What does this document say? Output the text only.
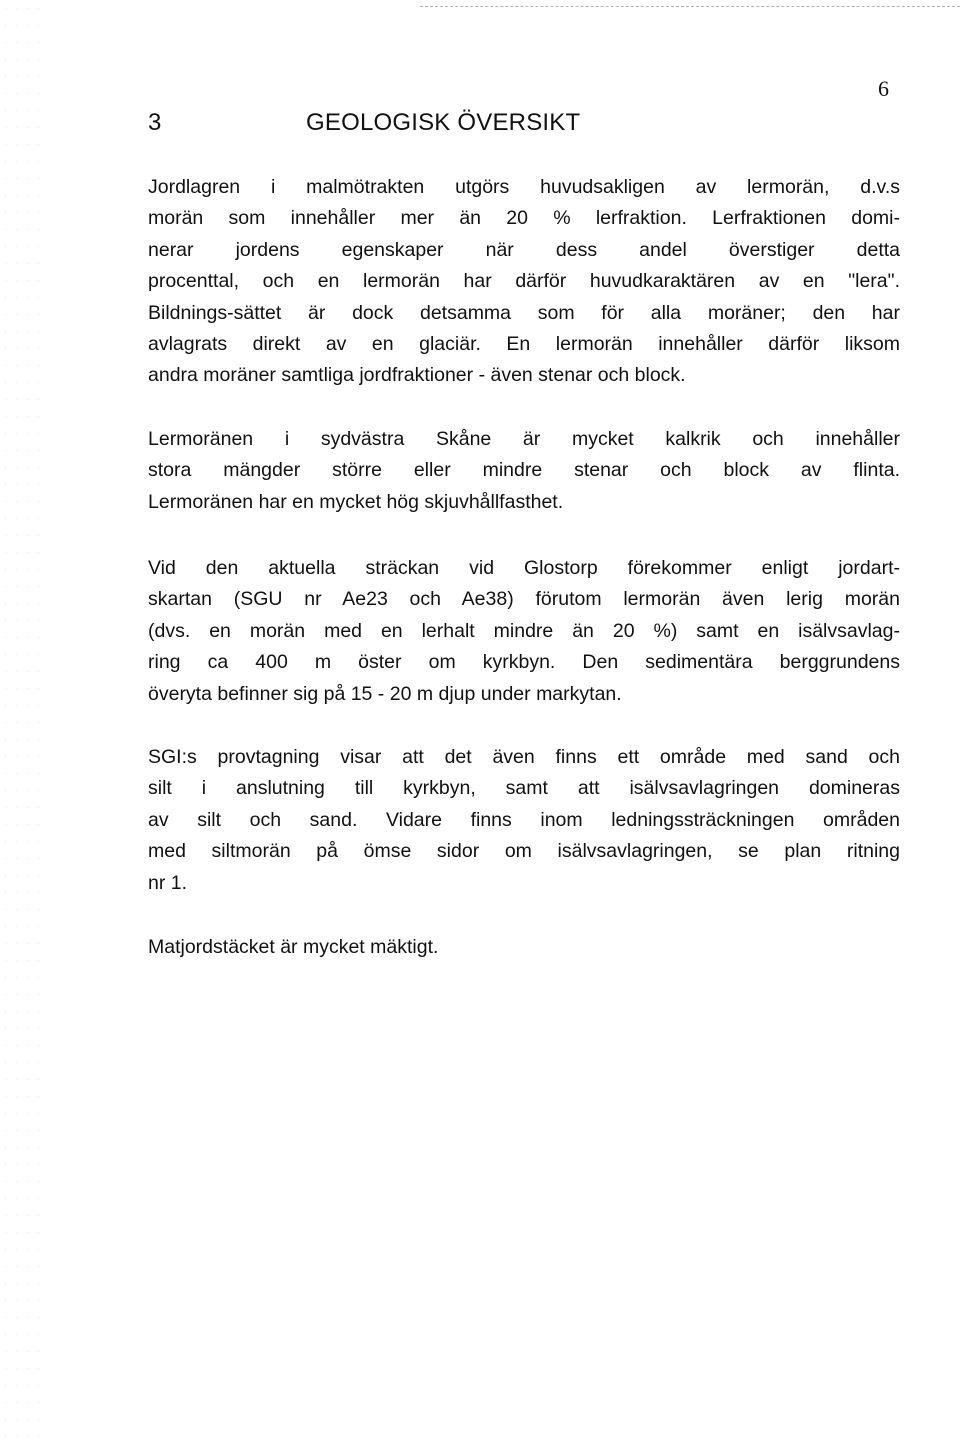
6
3	GEOLOGISK ÖVERSIKT
Jordlagren i malmötrakten utgörs huvudsakligen av lermorän, d.v.s
morän som innehåller mer än 20 % lerfraktion. Lerfraktionen domi-
nerar jordens egenskaper när dess andel överstiger detta
procenttal, och en lermorän har därför huvudkaraktären av en "lera".
Bildnings-sättet är dock detsamma som för alla moräner; den har
avlagrats direkt av en glaciär. En lermorän innehåller därför liksom
andra moräner samtliga jordfraktioner - även stenar och block.
Lermoränen i sydvästra Skåne är mycket kalkrik och innehåller
stora mängder större eller mindre stenar och block av flinta.
Lermoränen har en mycket hög skjuvhållfasthet.
Vid den aktuella sträckan vid Glostorp förekommer enligt jordart-
skartan (SGU nr Ae23 och Ae38) förutom lermorän även lerig morän
(dvs. en morän med en lerhalt mindre än 20 %) samt en isälvsavlag-
ring ca 400 m öster om kyrkbyn. Den sedimentära berggrundens
överyta befinner sig på 15 - 20 m djup under markytan.
SGI:s provtagning visar att det även finns ett område med sand och
silt i anslutning till kyrkbyn, samt att isälvsavlagringen domineras
av silt och sand. Vidare finns inom ledningssträckningen områden
med siltmorän på ömse sidor om isälvsavlagringen, se plan ritning
nr 1.
Matjordstäcket är mycket mäktigt.
